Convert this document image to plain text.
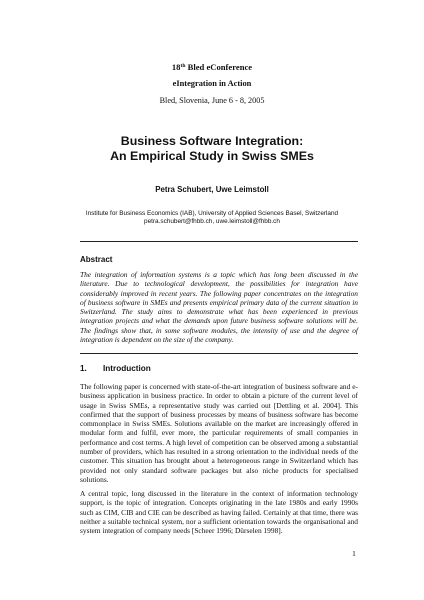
18th Bled eConference
eIntegration in Action
Bled, Slovenia, June 6 - 8, 2005
Business Software Integration:
An Empirical Study in Swiss SMEs
Petra Schubert, Uwe Leimstoll
Institute for Business Economics (IAB), University of Applied Sciences Basel, Switzerland
petra.schubert@fhbb.ch, uwe.leimstoll@fhbb.ch
Abstract

The integration of information systems is a topic which has long been discussed in the literature. Due to technological development, the possibilities for integration have considerably improved in recent years. The following paper concentrates on the integration of business software in SMEs and presents empirical primary data of the current situation in Switzerland. The study aims to demonstrate what has been experienced in previous integration projects and what the demands upon future business software solutions will be. The findings show that, in some software modules, the intensity of use and the degree of integration is dependent on the size of the company.

1. Introduction
The following paper is concerned with state-of-the-art integration of business software and e-business application in business practice. In order to obtain a picture of the current level of usage in Swiss SMEs, a representative study was carried out [Dettling et al. 2004]. This confirmed that the support of business processes by means of business software has become commonplace in Swiss SMEs. Solutions available on the market are increasingly offered in modular form and fulfil, ever more, the particular requirements of small companies in performance and cost terms. A high level of competition can be observed among a substantial number of providers, which has resulted in a strong orientation to the individual needs of the customer. This situation has brought about a heterogeneous range in Switzerland which has provided not only standard software packages but also niche products for specialised solutions.
A central topic, long discussed in the literature in the context of information technology support, is the topic of integration. Concepts originating in the late 1980s and early 1990s such as CIM, CIB and CIE can be described as having failed. Certainly at that time, there was neither a suitable technical system, nor a sufficient orientation towards the organisational and system integration of company needs [Scheer 1996; Dürselen 1998].
1
